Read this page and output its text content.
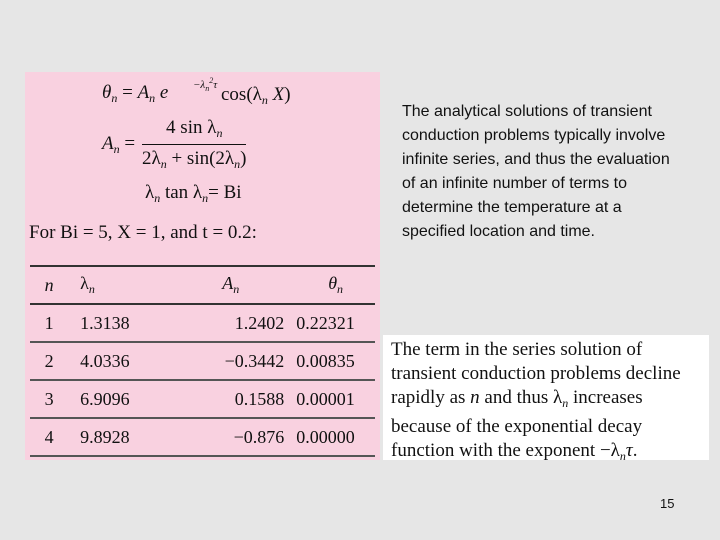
$\theta_n = A_n$ $e -\lambda_n^2\tau$ $\cos(\lambda_n$ X)
$A_n = \frac{4 \sin \lambda_n}{2\lambda_n + \sin(2\lambda_n)}$
$\lambda_n$ $\tan \lambda_n= Bi$
For Bi = 5, X = 1, and t = 0.2:
n	$\lambda_n$	$A_n$	$\theta_n$
1	1.3138	1.2402	0.22321
2	4.0336	−0.3442	0.00835
3	6.9096	0.1588	0.00001
4	9.8928	−0.876	0.00000
The analytical solutions of transient conduction problems typically involve infinite series, and thus the evaluation of an infinite number of terms to determine the temperature at a specified location and time.
The term in the series solution of
transient conduction problems decline
rapidly as n and thus $\lambda_n$ increases
because of the exponential decay
function with the exponent $-\lambda_n\tau$.
15
